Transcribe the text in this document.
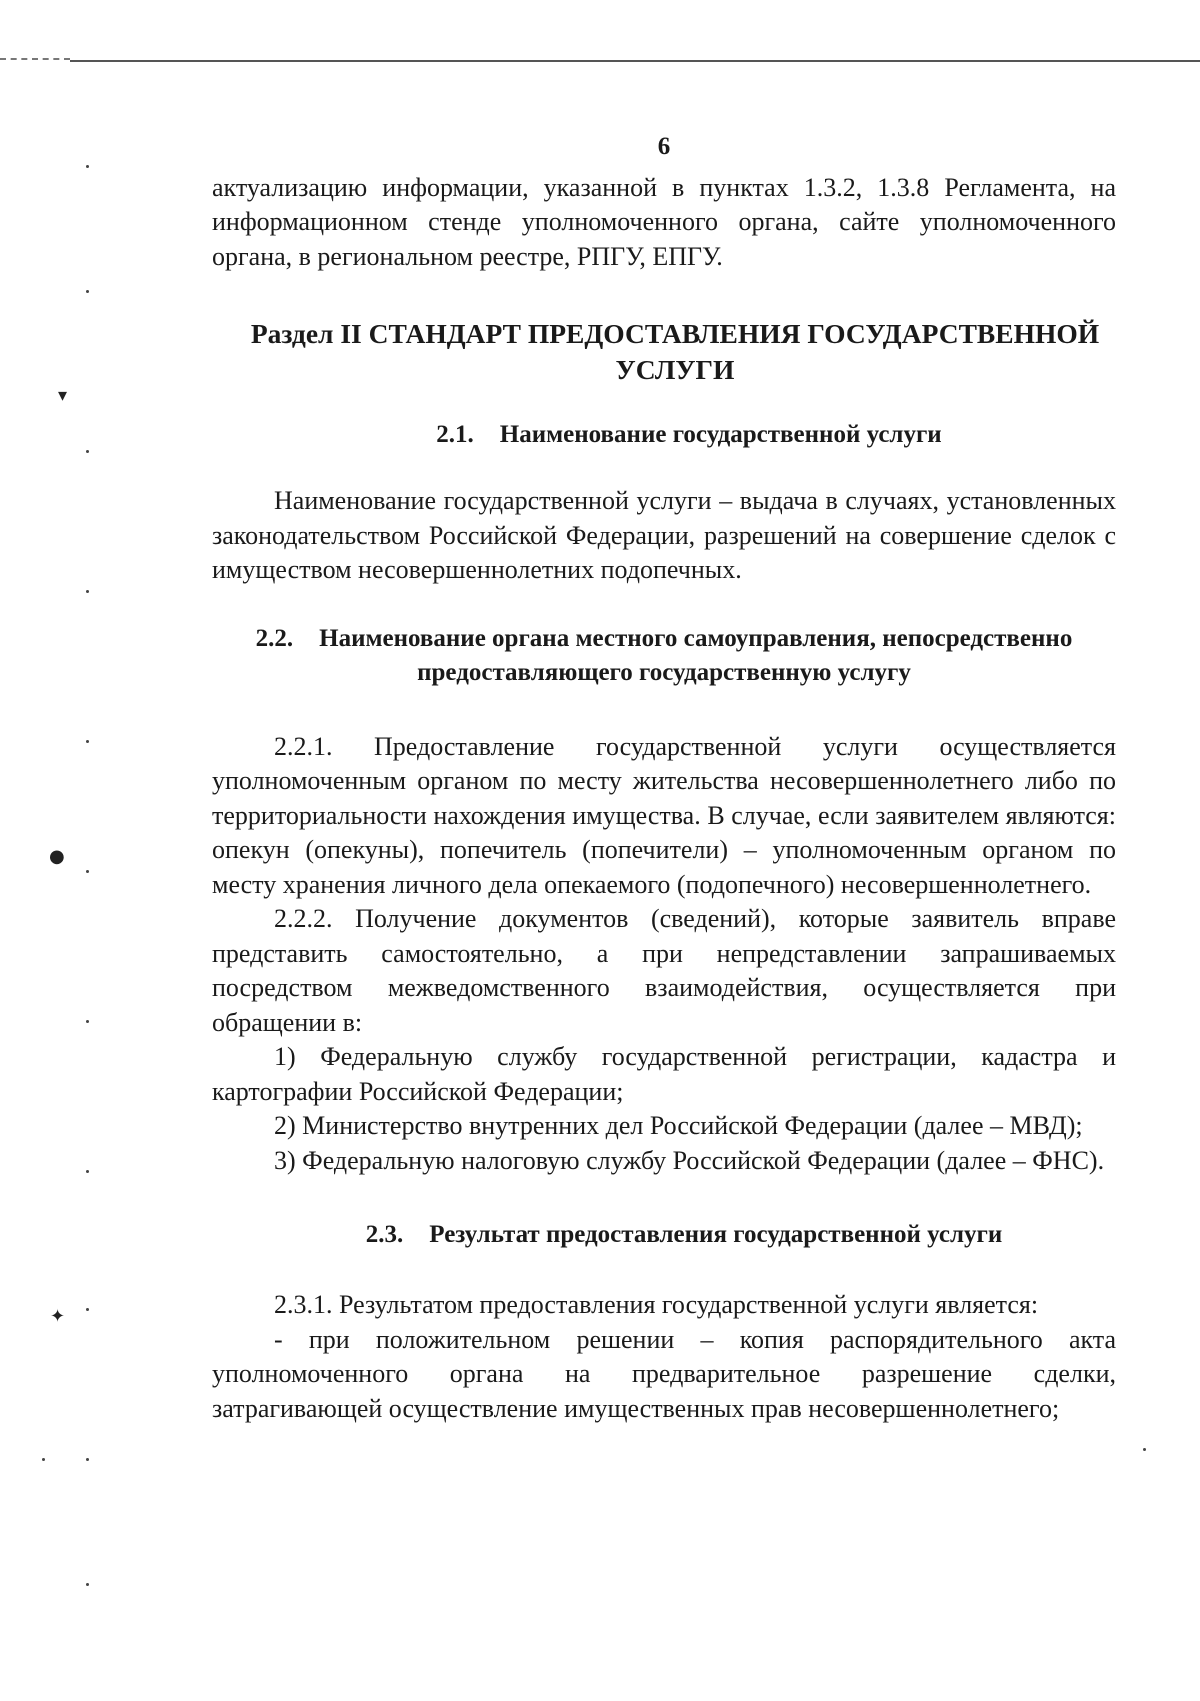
▾
●
✦
6

актуализацию информации, указанной в пунктах 1.3.2, 1.3.8 Регламента, на информационном стенде уполномоченного органа, сайте уполномоченного органа, в региональном реестре, РПГУ, ЕПГУ.

Раздел II СТАНДАРТ ПРЕДОСТАВЛЕНИЯ ГОСУДАРСТВЕННОЙ
УСЛУГИ
2.1. Наименование государственной услуги

Наименование государственной услуги – выдача в случаях, установленных законодательством Российской Федерации, разрешений на совершение сделок с имуществом несовершеннолетних подопечных.

2.2. Наименование органа местного самоуправления, непосредственно
предоставляющего государственную услугу

2.2.1. Предоставление государственной услуги осуществляется уполномоченным органом по месту жительства несовершеннолетнего либо по территориальности нахождения имущества. В случае, если заявителем являются: опекун (опекуны), попечитель (попечители) – уполномоченным органом по месту хранения личного дела опекаемого (подопечного) несовершеннолетнего.

2.2.2. Получение документов (сведений), которые заявитель вправе представить самостоятельно, а при непредставлении запрашиваемых посредством межведомственного взаимодействия, осуществляется при обращении в:

1) Федеральную службу государственной регистрации, кадастра и картографии Российской Федерации;

2) Министерство внутренних дел Российской Федерации (далее – МВД);

3) Федеральную налоговую службу Российской Федерации (далее – ФНС).

2.3. Результат предоставления государственной услуги

2.3.1. Результатом предоставления государственной услуги является:

- при положительном решении – копия распорядительного акта уполномоченного органа на предварительное разрешение сделки, затрагивающей осуществление имущественных прав несовершеннолетнего;
